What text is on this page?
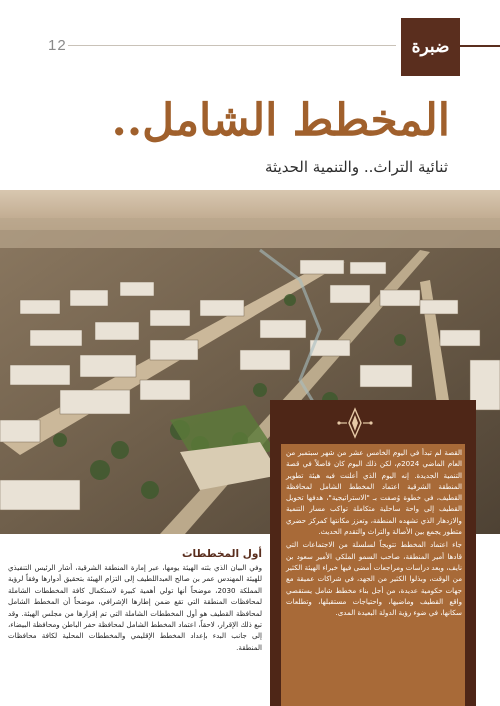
12	ضبرة
المخطط الشامل..
ثنائية التراث.. والتنمية الحديثة

القصة لم تبدأ في اليوم الخامس عشر من شهر سبتمبر من العام الماضي 2024م، لكن ذلك اليوم كان فاصلاً في قصة التنمية الجديدة. إنه اليوم الذي أعلنت فيه هيئة تطوير المنطقة الشرقية اعتماد المخطط الشامل لمحافظة القطيف، في خطوة وُصفت بـ "الاستراتيجية"، هدفها تحويل القطيف إلى واحة ساحلية متكاملة تواكب مسار التنمية والازدهار الذي تشهده المنطقة، وتعزز مكانتها كمركز حضري متطور يجمع بين الأصالة والتراث والتقدم الحديث.

جاء اعتماد المخطط تتويجاً لسلسلة من الاجتماعات التي قادها أمير المنطقة، صاحب السمو الملكي الأمير سعود بن نايف، وبعد دراسات ومراجعات أمضى فيها خبراء الهيئة الكثير من الوقت، وبذلوا الكثير من الجهد، في شراكات عميقة مع جهات حكومية عديدة، من أجل بناء مخطط شامل يستقصي واقع القطيف وماضيها، واحتياجات مستقبلها، وتطلعات سكانها، في ضوء رؤية الدولة البعيدة المدى.

أول المخططات

وفي البيان الذي بثته الهيئة يومها، عبر إمارة المنطقة الشرقية، أشار الرئيس التنفيذي للهيئة المهندس عمر بن صالح العبداللطيف إلى التزام الهيئة بتحقيق أدوارها وفقاً لرؤية المملكة 2030، موضحاً أنها تولي أهمية كبيرة لاستكمال كافة المخططات الشاملة لمحافظات المنطقة التي تقع ضمن إطارها الإشرافي، موضحاً أن المخطط الشامل لمحافظة القطيف هو أول المخططات الشاملة التي تم إقرارها من مجلس الهيئة. وقد تبع ذلك الإقرار، لاحقاً، اعتماد المخطط الشامل لمحافظة حفر الباطن ومحافظة البيضاء، إلى جانب البدء بإعداد المخطط الإقليمي والمخططات المحلية لكافة محافظات المنطقة.
